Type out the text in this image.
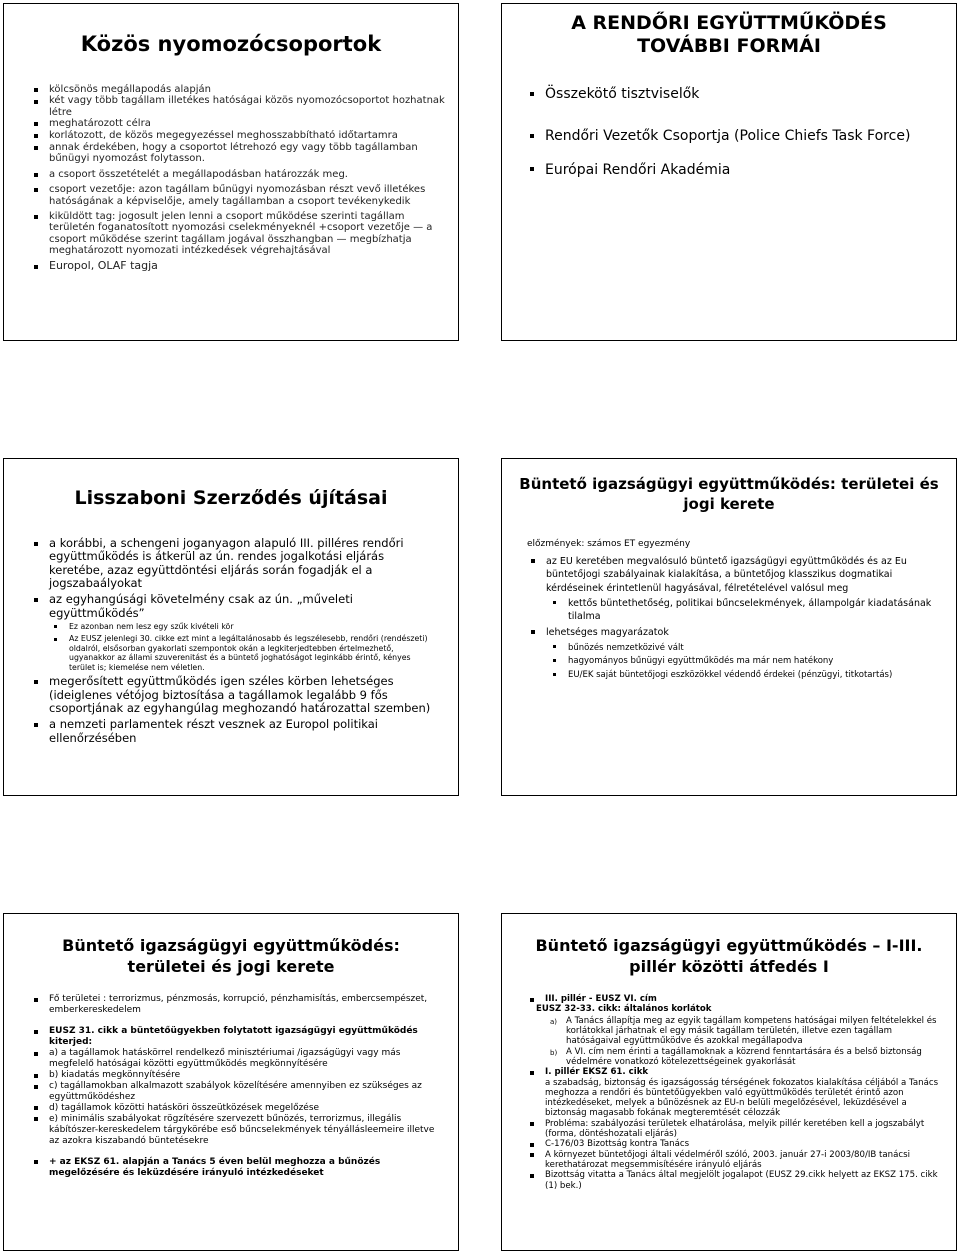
Közös nyomozócsoportok
kölcsönös megállapodás alapján
két vagy több tagállam illetékes hatóságai közös nyomozócsoportot hozhatnak létre
meghatározott célra
korlátozott, de közös megegyezéssel meghosszabbítható időtartamra
annak érdekében, hogy a csoportot létrehozó egy vagy több tagállamban bűnügyi nyomozást folytasson.
a csoport összetételét a megállapodásban határozzák meg.
csoport vezetője: azon tagállam bűnügyi nyomozásban részt vevő illetékes hatóságának a képviselője, amely tagállamban a csoport tevékenykedik
kiküldött tag: jogosult jelen lenni a csoport működése szerinti tagállam területén foganatosított nyomozási cselekményeknél +csoport vezetője — a csoport működése szerint tagállam jogával összhangban — megbízhatja meghatározott nyomozati intézkedések végrehajtásával
Europol, OLAF tagja
A RENDŐRI EGYÜTTMŰKÖDÉS TOVÁBBI FORMÁI
Összekötő tisztviselők
Rendőri Vezetők Csoportja (Police Chiefs Task Force)
Európai Rendőri Akadémia
Lisszaboni Szerződés újításai
a korábbi, a schengeni joganyagon alapuló III. pilléres rendőri együttműködés is átkerül az ún. rendes jogalkotási eljárás keretébe, azaz együttdöntési eljárás során fogadják el a jogszabaályokat
az egyhangúsági követelmény csak az ún. „műveleti együttműködés”
Ez azonban nem lesz egy szűk kivételi kör
Az EUSZ jelenlegi 30. cikke ezt mint a legáltalánosabb és legszélesebb, rendőri (rendészeti) oldalról, elsősorban gyakorlati szempontok okán a legkiterjedtebben értelmezhető, ugyanakkor az állami szuverenitást és a büntető joghatóságot leginkább érintő, kényes terület is; kiemelése nem véletlen.
megerősített együttműködés igen széles körben lehetséges (ideiglenes vétójog biztosítása a tagállamok legalább 9 fős csoportjának az egyhangúlag meghozandó határozattal szemben)
a nemzeti parlamentek részt vesznek az Europol politikai ellenőrzésében
Büntető igazságügyi együttműködés: területei és jogi kerete
előzmények: számos ET egyezmény
az EU keretében megvalósuló büntető igazságügyi együttműködés és az Eu büntetőjogi szabályainak kialakítása, a büntetőjog klasszikus dogmatikai kérdéseinek érintetlenül hagyásával, félretételével valósul meg
kettős büntethetőség, politikai bűncselekmények, állampolgár kiadatásának tilalma
lehetséges magyarázatok
bűnözés nemzetközivé vált
hagyományos bűnügyi együttműködés ma már nem hatékony
EU/EK saját büntetőjogi eszközökkel védendő érdekei (pénzügyi, titkotartás)
Büntető igazságügyi együttműködés: területei és jogi kerete
Fő területei : terrorizmus, pénzmosás, korrupció, pénzhamisítás, embercsempészet, emberkereskedelem
EUSZ 31. cikk a büntetőügyekben folytatott igazságügyi együttműködés kiterjed:
a) a tagállamok hatáskörrel rendelkező minisztériumai /igazságügyi vagy más megfelelő hatóságai közötti együttműködés megkönnyítésére
b) kiadatás megkönnyítésére
c) tagállamokban alkalmazott szabályok közelítésére amennyiben ez szükséges az együttműködéshez
d) tagállamok közötti hatásköri összeütközések megelőzése
e) minimális szabályokat rögzítésére szervezett bűnözés, terrorizmus, illegális kábítószer-kereskedelem tárgykörébe eső bűncselekmények tényállásleemeire illetve az azokra kiszabandó büntetésekre
+ az EKSZ 61. alapján a Tanács 5 éven belül meghozza a bűnözés megelőzésére és leküzdésére irányuló intézkedéseket
Büntető igazságügyi együttműködés – I-III. pillér közötti átfedés I
III. pillér - EUSZ VI. cím
EUSZ 32-33. cikk: általános korlátok
a) A Tanács állapítja meg az egyik tagállam kompetens hatóságai milyen feltételekkel és korlátokkal járhatnak el egy másik tagállam területén, illetve ezen tagállam hatóságaival együttműködve és azokkal megállapodva
b) A VI. cím nem érinti a tagállamoknak a közrend fenntartására és a belső biztonság védelmére vonatkozó kötelezettségeinek gyakorlását
I. pillér EKSZ 61. cikk
a szabadság, biztonság és igazságosság térségének fokozatos kialakítása céljából a Tanács meghozza a rendőri és büntetőügyekben való együttműködés területét érintő azon intézkedéseket, melyek a bűnözésnek az EU-n belüli megelőzésével, leküzdésével a biztonság magasabb fokának megteremtését célozzák
Probléma: szabályozási területek elhatárolása, melyik pillér keretében kell a jogszabályt (forma, döntéshozatali eljárás)
C-176/03 Bizottság kontra Tanács
A környezet büntetőjogi általi védelméről szóló, 2003. január 27-i 2003/80/IB tanácsi kerethatározat megsemmisítésére irányuló eljárás
Bizottság vitatta a Tanács által megjelölt jogalapot (EUSZ 29.cikk helyett az EKSZ 175. cikk (1) bek.)
